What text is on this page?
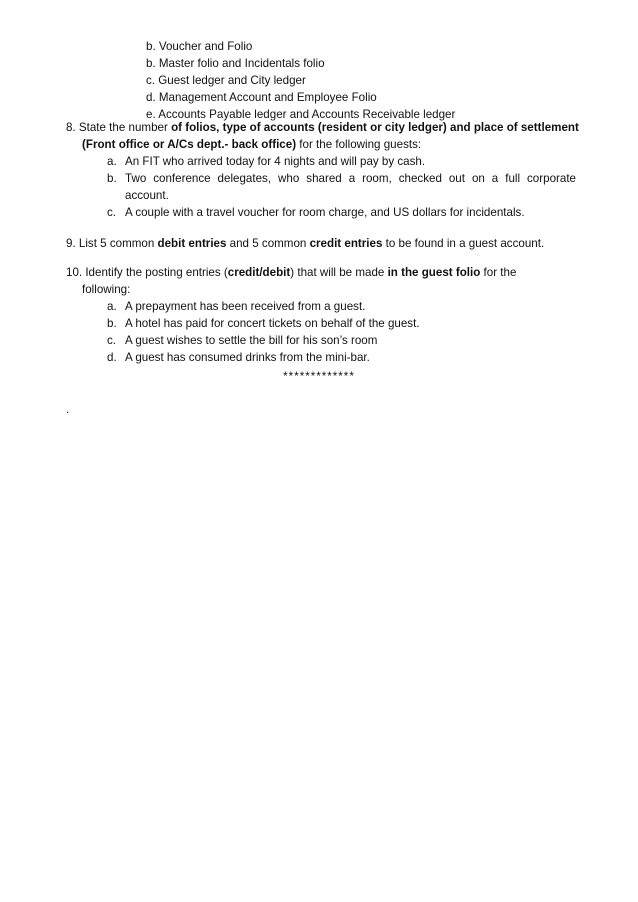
b. Voucher and Folio
b. Master folio and Incidentals folio
c. Guest ledger and City ledger
d. Management Account and Employee Folio
e. Accounts Payable ledger and Accounts Receivable ledger
8. State the number of folios, type of accounts (resident or city ledger) and place of settlement
(Front office or A/Cs dept.- back office) for the following guests:
a. An FIT who arrived today for 4 nights and will pay by cash.
b. Two conference delegates, who shared a room, checked out on a full corporate
account.
c. A couple with a travel voucher for room charge, and US dollars for incidentals.
9. List 5 common debit entries and 5 common credit entries to be found in a guest account.
10. Identify the posting entries (credit/debit) that will be made in the guest folio for the
following:
a. A prepayment has been received from a guest.
b. A hotel has paid for concert tickets on behalf of the guest.
c. A guest wishes to settle the bill for his son’s room
d. A guest has consumed drinks from the mini-bar.
*************
.
